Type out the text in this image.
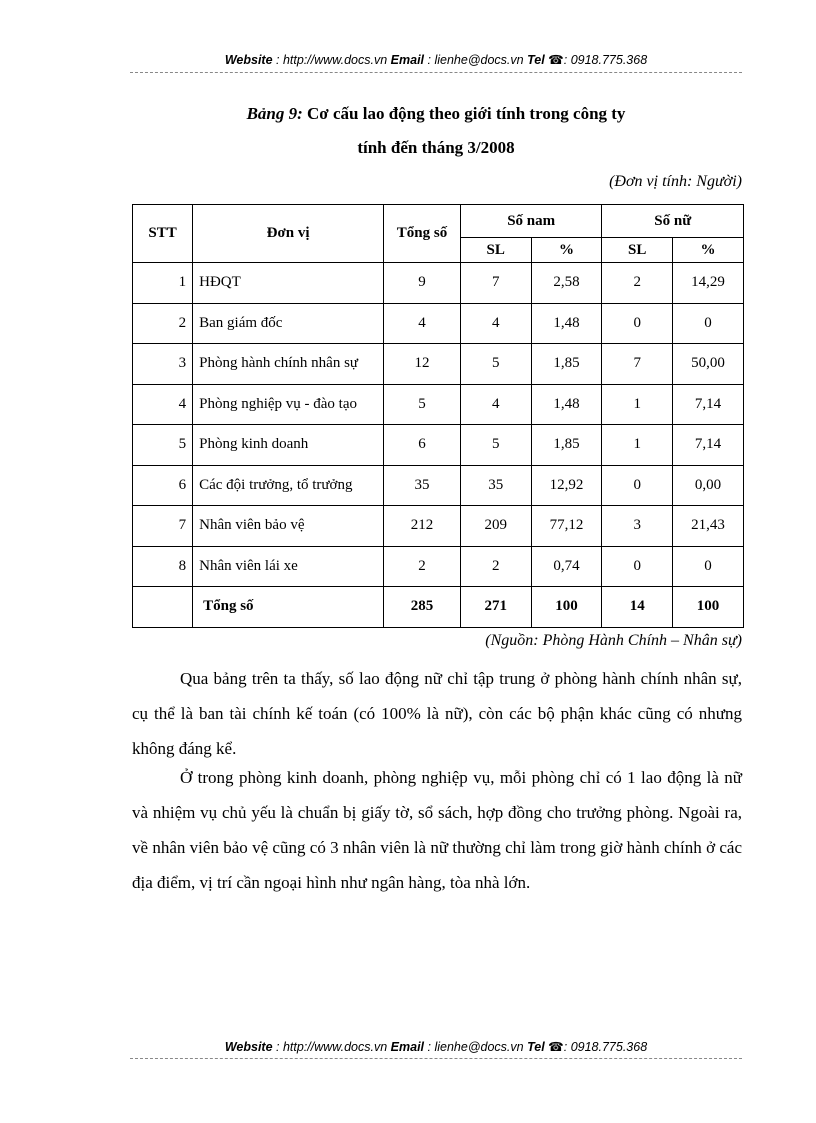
Website : http://www.docs.vn Email : lienhe@docs.vn Tel ☎: 0918.775.368
Bảng 9: Cơ cấu lao động theo giới tính trong công ty
tính đến tháng 3/2008
(Đơn vị tính: Người)
STT	Đơn vị	Tổng số	Số nam		Số nữ	
			SL	%	SL	%
1	HĐQT	9	7	2,58	2	14,29
2	Ban giám đốc	4	4	1,48	0	0
3	Phòng hành chính nhân sự	12	5	1,85	7	50,00
4	Phòng nghiệp vụ - đào tạo	5	4	1,48	1	7,14
5	Phòng kinh doanh	6	5	1,85	1	7,14
6	Các đội trưởng, tổ trưởng	35	35	12,92	0	0,00
7	Nhân viên bảo vệ	212	209	77,12	3	21,43
8	Nhân viên lái xe	2	2	0,74	0	0
	Tổng số	285	271	100	14	100
(Nguồn: Phòng Hành Chính – Nhân sự)

Qua bảng trên ta thấy, số lao động nữ chỉ tập trung ở phòng hành chính nhân sự, cụ thể là ban tài chính kế toán (có 100% là nữ), còn các bộ phận khác cũng có nhưng không đáng kể.

Ở trong phòng kinh doanh, phòng nghiệp vụ, mỗi phòng chỉ có 1 lao động là nữ và nhiệm vụ chủ yếu là chuẩn bị giấy tờ, sổ sách, hợp đồng cho trưởng phòng. Ngoài ra, về nhân viên bảo vệ cũng có 3 nhân viên là nữ thường chỉ làm trong giờ hành chính ở các địa điểm, vị trí cần ngoại hình như ngân hàng, tòa nhà lớn.

Website : http://www.docs.vn Email : lienhe@docs.vn Tel ☎: 0918.775.368
